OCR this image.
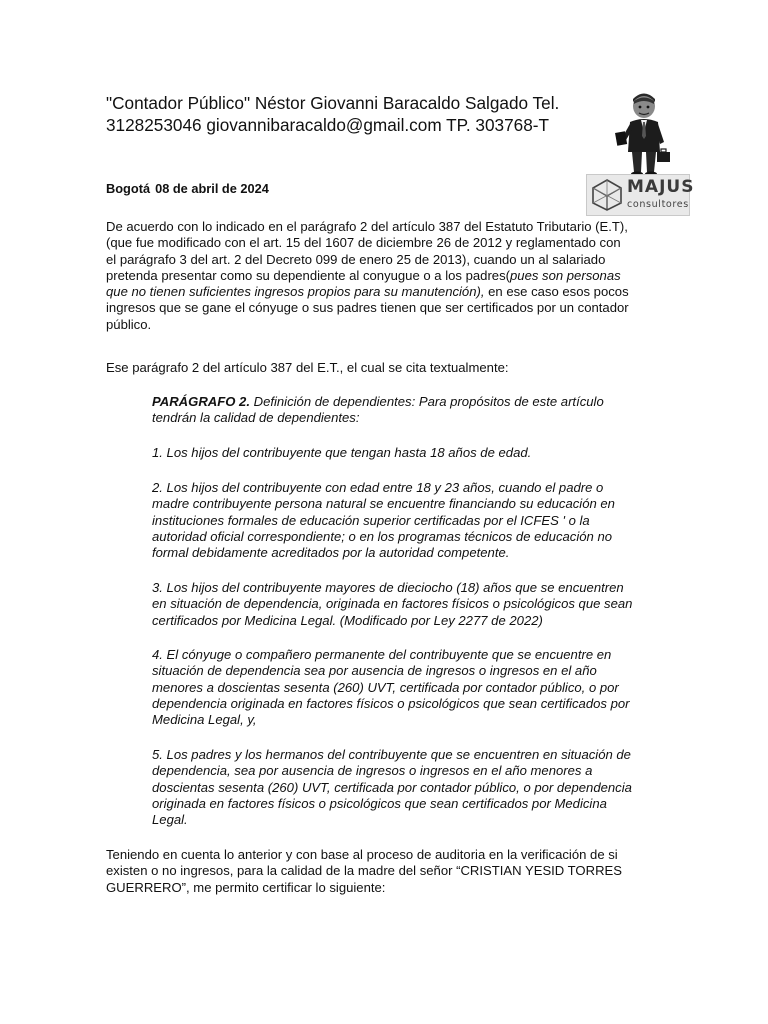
"Contador Público" Néstor Giovanni Baracaldo Salgado Tel.
3128253046 giovannibaracaldo@gmail.com TP. 303768-T
MAJUS
consultores
Bogotá 08 de abril de 2024
De acuerdo con lo indicado en el parágrafo 2 del artículo 387 del Estatuto Tributario (E.T),
(que fue modificado con el art. 15 del 1607 de diciembre 26 de 2012 y reglamentado con
el parágrafo 3 del art. 2 del Decreto 099 de enero 25 de 2013), cuando un al salariado
pretenda presentar como su dependiente al conyugue o a los padres(pues son personas
que no tienen suficientes ingresos propios para su manutención), en ese caso esos pocos
ingresos que se gane el cónyuge o sus padres tienen que ser certificados por un contador
público.
Ese parágrafo 2 del artículo 387 del E.T., el cual se cita textualmente:
PARÁGRAFO 2. Definición de dependientes: Para propósitos de este artículo
tendrán la calidad de dependientes:
1. Los hijos del contribuyente que tengan hasta 18 años de edad.
2. Los hijos del contribuyente con edad entre 18 y 23 años, cuando el padre o
madre contribuyente persona natural se encuentre financiando su educación en
instituciones formales de educación superior certificadas por el ICFES ' o la
autoridad oficial correspondiente; o en los programas técnicos de educación no
formal debidamente acreditados por la autoridad competente.
3. Los hijos del contribuyente mayores de dieciocho (18) años que se encuentren
en situación de dependencia, originada en factores físicos o psicológicos que sean
certificados por Medicina Legal. (Modificado por Ley 2277 de 2022)
4. El cónyuge o compañero permanente del contribuyente que se encuentre en
situación de dependencia sea por ausencia de ingresos o ingresos en el año
menores a doscientas sesenta (260) UVT, certificada por contador público, o por
dependencia originada en factores físicos o psicológicos que sean certificados por
Medicina Legal, y,
5. Los padres y los hermanos del contribuyente que se encuentren en situación de
dependencia, sea por ausencia de ingresos o ingresos en el año menores a
doscientas sesenta (260) UVT, certificada por contador público, o por dependencia
originada en factores físicos o psicológicos que sean certificados por Medicina
Legal.
Teniendo en cuenta lo anterior y con base al proceso de auditoria en la verificación de si
existen o no ingresos, para la calidad de la madre del señor “CRISTIAN YESID TORRES
GUERRERO”, me permito certificar lo siguiente:
